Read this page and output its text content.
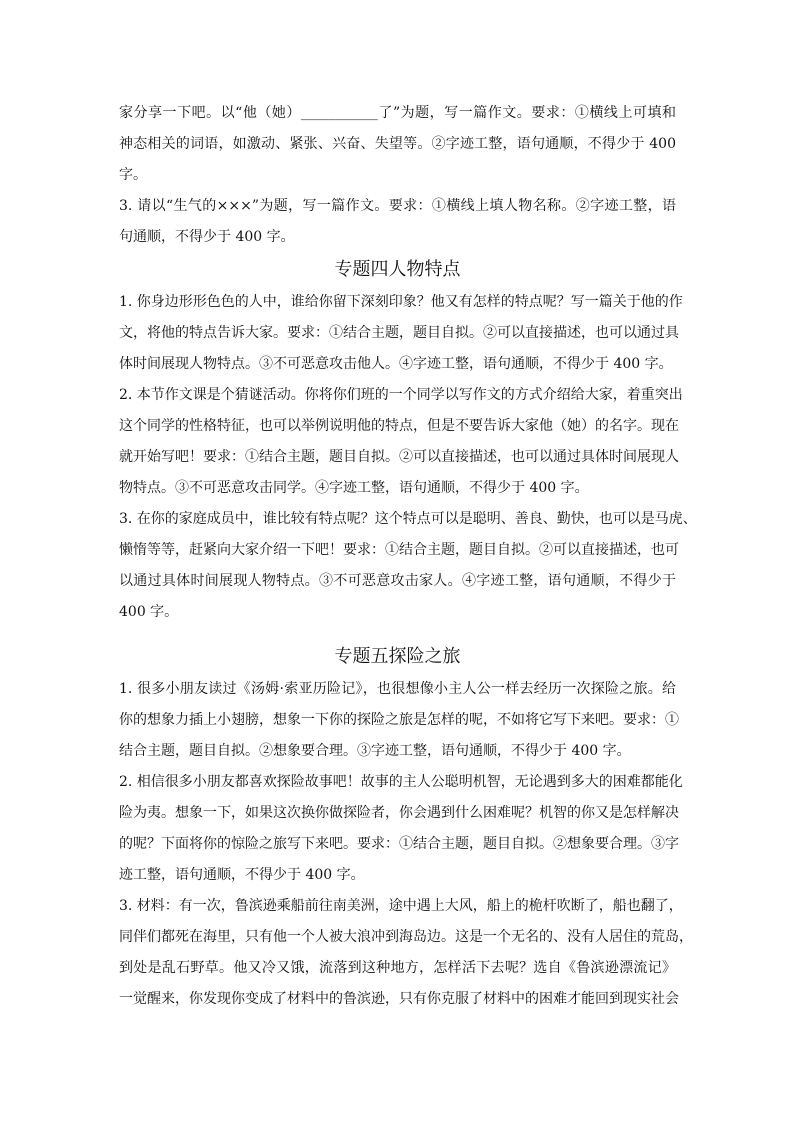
家分享一下吧。以“他（她）___________了”为题，写一篇作文。要求：①横线上可填和
神态相关的词语，如激动、紧张、兴奋、失望等。②字迹工整，语句通顺，不得少于 400
字。
3. 请以“生气的×××”为题，写一篇作文。要求：①横线上填人物名称。②字迹工整，语
句通顺，不得少于 400 字。
专题四人物特点
1. 你身边形形色色的人中，谁给你留下深刻印象？他又有怎样的特点呢？写一篇关于他的作
文，将他的特点告诉大家。要求：①结合主题，题目自拟。②可以直接描述，也可以通过具
体时间展现人物特点。③不可恶意攻击他人。④字迹工整，语句通顺，不得少于 400 字。
2. 本节作文课是个猜谜活动。你将你们班的一个同学以写作文的方式介绍给大家，着重突出
这个同学的性格特征，也可以举例说明他的特点，但是不要告诉大家他（她）的名字。现在
就开始写吧！要求：①结合主题，题目自拟。②可以直接描述，也可以通过具体时间展现人
物特点。③不可恶意攻击同学。④字迹工整，语句通顺，不得少于 400 字。
3. 在你的家庭成员中，谁比较有特点呢？这个特点可以是聪明、善良、勤快，也可以是马虎、
懒惰等等，赶紧向大家介绍一下吧！要求：①结合主题，题目自拟。②可以直接描述，也可
以通过具体时间展现人物特点。③不可恶意攻击家人。④字迹工整，语句通顺，不得少于
400 字。
专题五探险之旅
1. 很多小朋友读过《汤姆·索亚历险记》，也很想像小主人公一样去经历一次探险之旅。给
你的想象力插上小翅膀，想象一下你的探险之旅是怎样的呢，不如将它写下来吧。要求：①
结合主题，题目自拟。②想象要合理。③字迹工整，语句通顺，不得少于 400 字。
2. 相信很多小朋友都喜欢探险故事吧！故事的主人公聪明机智，无论遇到多大的困难都能化
险为夷。想象一下，如果这次换你做探险者，你会遇到什么困难呢？机智的你又是怎样解决
的呢？下面将你的惊险之旅写下来吧。要求：①结合主题，题目自拟。②想象要合理。③字
迹工整，语句通顺，不得少于 400 字。
3. 材料：有一次，鲁滨逊乘船前往南美洲，途中遇上大风，船上的桅杆吹断了，船也翻了，
同伴们都死在海里，只有他一个人被大浪冲到海岛边。这是一个无名的、没有人居住的荒岛，
到处是乱石野草。他又冷又饿，流落到这种地方，怎样活下去呢？选自《鲁滨逊漂流记》
一觉醒来，你发现你变成了材料中的鲁滨逊，只有你克服了材料中的困难才能回到现实社会
